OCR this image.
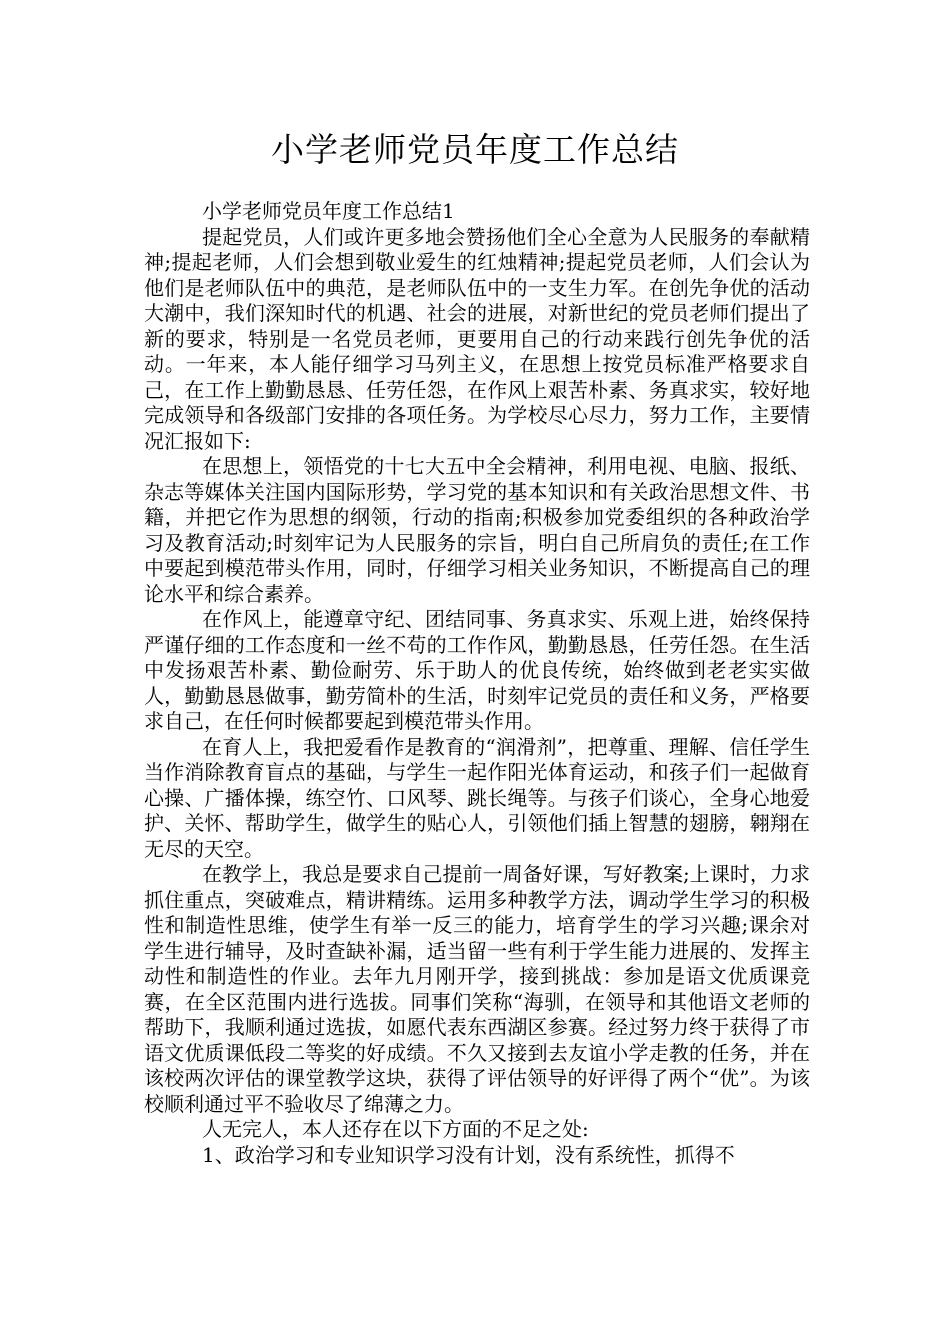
小学老师党员年度工作总结

小学老师党员年度工作总结1

提起党员，人们或许更多地会赞扬他们全心全意为人民服务的奉献精神;提起老师，人们会想到敬业爱生的红烛精神;提起党员老师，人们会认为他们是老师队伍中的典范，是老师队伍中的一支生力军。在创先争优的活动大潮中，我们深知时代的机遇、社会的进展，对新世纪的党员老师们提出了新的要求，特别是一名党员老师，更要用自己的行动来践行创先争优的活动。一年来，本人能仔细学习马列主义，在思想上按党员标准严格要求自己，在工作上勤勤恳恳、任劳任怨，在作风上艰苦朴素、务真求实，较好地完成领导和各级部门安排的各项任务。为学校尽心尽力，努力工作，主要情况汇报如下:

在思想上，领悟党的十七大五中全会精神，利用电视、电脑、报纸、杂志等媒体关注国内国际形势，学习党的基本知识和有关政治思想文件、书籍，并把它作为思想的纲领，行动的指南;积极参加党委组织的各种政治学习及教育活动;时刻牢记为人民服务的宗旨，明白自己所肩负的责任;在工作中要起到模范带头作用，同时，仔细学习相关业务知识，不断提高自己的理论水平和综合素养。

在作风上，能遵章守纪、团结同事、务真求实、乐观上进，始终保持严谨仔细的工作态度和一丝不苟的工作作风，勤勤恳恳，任劳任怨。在生活中发扬艰苦朴素、勤俭耐劳、乐于助人的优良传统，始终做到老老实实做人，勤勤恳恳做事，勤劳简朴的生活，时刻牢记党员的责任和义务，严格要求自己，在任何时候都要起到模范带头作用。

在育人上，我把爱看作是教育的“润滑剂”，把尊重、理解、信任学生当作消除教育盲点的基础，与学生一起作阳光体育运动，和孩子们一起做育心操、广播体操，练空竹、口风琴、跳长绳等。与孩子们谈心，全身心地爱护、关怀、帮助学生，做学生的贴心人，引领他们插上智慧的翅膀，翱翔在无尽的天空。

在教学上，我总是要求自己提前一周备好课，写好教案;上课时，力求抓住重点，突破难点，精讲精练。运用多种教学方法，调动学生学习的积极性和制造性思维，使学生有举一反三的能力，培育学生的学习兴趣;课余对学生进行辅导，及时查缺补漏，适当留一些有利于学生能力进展的、发挥主动性和制造性的作业。去年九月刚开学，接到挑战：参加是语文优质课竞赛，在全区范围内进行选拔。同事们笑称“海驯，在领导和其他语文老师的帮助下，我顺利通过选拔，如愿代表东西湖区参赛。经过努力终于获得了市语文优质课低段二等奖的好成绩。不久又接到去友谊小学走教的任务，并在该校两次评估的课堂教学这块，获得了评估领导的好评得了两个“优”。为该校顺利通过平不验收尽了绵薄之力。

人无完人，本人还存在以下方面的不足之处:

1、政治学习和专业知识学习没有计划，没有系统性，抓得不
